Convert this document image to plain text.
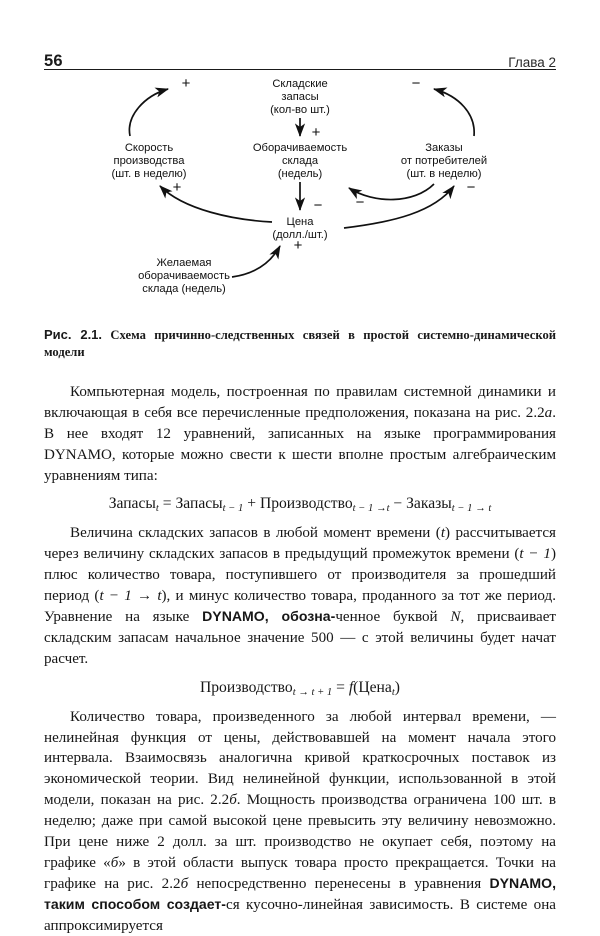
56	Глава 2
Складские
запасы
(кол-во шт.)
Скорость
производства
(шт. в неделю)
Оборачиваемость
склада
(недель)
Заказы
от потребителей
(шт. в неделю)
Цена
(долл./шт.)
Желаемая
оборачиваемость
склада (недель)
+	−
+
−
+	−
−
+
Рис. 2.1. Схема причинно-следственных связей в простой системно-динамической модели

Компьютерная модель, построенная по правилам системной динамики и включающая в себя все перечисленные предположения, показана на рис. 2.2а. В нее входят 12 уравнений, записанных на языке программирования DYNAMO, которые можно свести к шести вполне простым алгебраическим уравнениям типа:

Запасы$_t$ = Запасы$_{t - 1}$ + Производство$_{t - 1 \to t}$ − Заказы$_{t - 1 \to t}$

Величина складских запасов в любой момент времени (t) рассчитывается через величину складских запасов в предыдущий промежуток времени (t − 1) плюс количество товара, поступившего от производителя за прошедший период (t − 1 → t), и минус количество товара, проданного за тот же период. Уравнение на языке DYNAMO, обозна-ченное буквой N, присваивает складским запасам начальное значение 500 — с этой величины будет начат расчет.

Производство$_{t \to t + 1}$ = f(Цена$_t$)

Количество товара, произведенного за любой интервал времени, — нелинейная функция от цены, действовавшей на момент начала этого интервала. Взаимосвязь аналогична кривой краткосрочных поставок из экономической теории. Вид нелинейной функции, использованной в этой модели, показан на рис. 2.2б. Мощность производства ограничена 100 шт. в неделю; даже при самой высокой цене превысить эту величину невозможно. При цене ниже 2 долл. за шт. производство не окупает себя, поэтому на графике «б» в этой области выпуск товара просто прекращается. Точки на графике на рис. 2.2б непосредственно перенесены в уравнения DYNAMO, таким способом создает-ся кусочно-линейная зависимость. В системе она аппроксимируется
